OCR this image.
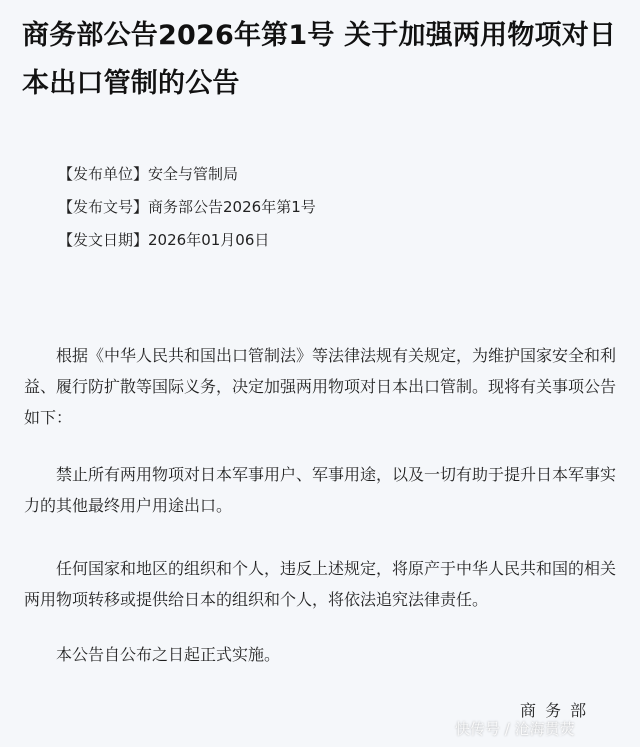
商务部公告2026年第1号 关于加强两用物项对日本出口管制的公告
【发布单位】安全与管制局
【发布文号】商务部公告2026年第1号
【发文日期】2026年01月06日

根据《中华人民共和国出口管制法》等法律法规有关规定，为维护国家安全和利益、履行防扩散等国际义务，决定加强两用物项对日本出口管制。现将有关事项公告如下：

禁止所有两用物项对日本军事用户、军事用途，以及一切有助于提升日本军事实力的其他最终用户用途出口。

任何国家和地区的组织和个人，违反上述规定，将原产于中华人民共和国的相关两用物项转移或提供给日本的组织和个人，将依法追究法律责任。

本公告自公布之日起正式实施。

商 务 部
快传号 / 沧海贯荧
